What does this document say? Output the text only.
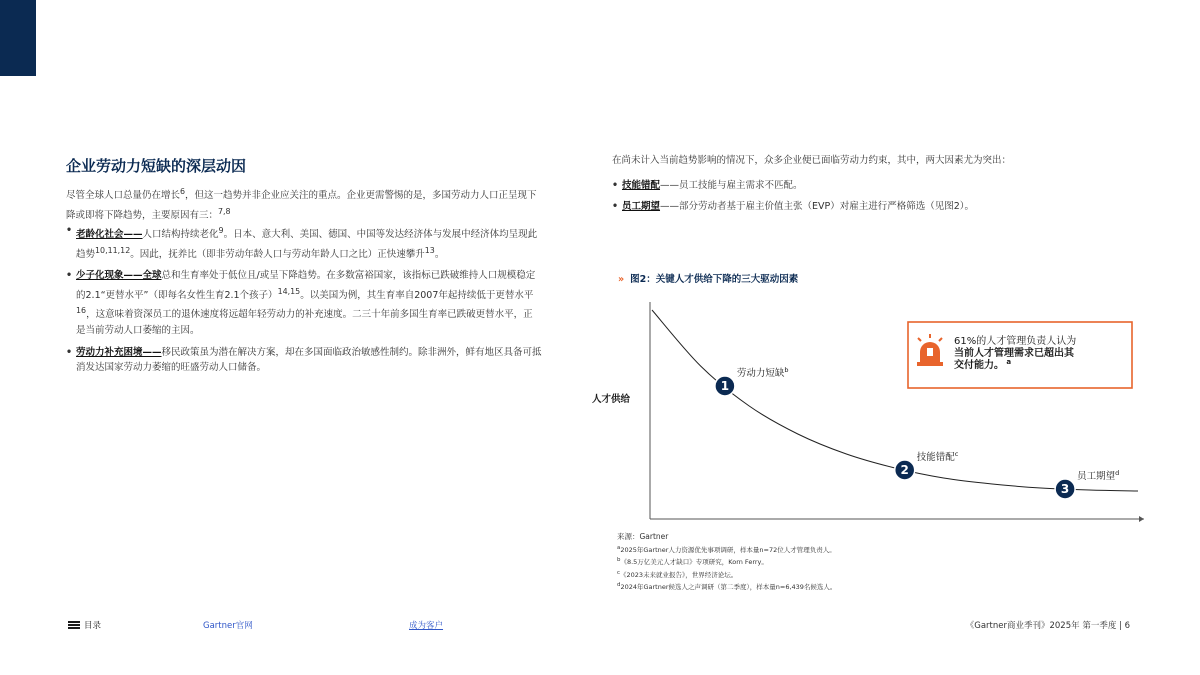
企业劳动力短缺的深层动因

尽管全球人口总量仍在增长$^6$，但这一趋势并非企业应关注的重点。企业更需警惕的是，多国劳动力人口正呈现下降或即将下降趋势，主要原因有三：$^{7,8}$

• 老龄化社会——人口结构持续老化$^9$。日本、意大利、美国、德国、中国等发达经济体与发展中经济体均呈现此趋势$^{10,11,12}$。因此，抚养比（即非劳动年龄人口与劳动年龄人口之比）正快速攀升$^{13}$。
• 少子化现象——全球总和生育率处于低位且/或呈下降趋势。在多数富裕国家，该指标已跌破维持人口规模稳定的2.1“更替水平”（即每名女性生育2.1个孩子）$^{14,15}$。以美国为例，其生育率自2007年起持续低于更替水平$^{16}$，这意味着资深员工的退休速度将远超年轻劳动力的补充速度。二三十年前多国生育率已跌破更替水平，正是当前劳动人口萎缩的主因。
• 劳动力补充困境——移民政策虽为潜在解决方案，却在多国面临政治敏感性制约。除非洲外，鲜有地区具备可抵消发达国家劳动力萎缩的旺盛劳动人口储备。

在尚未计入当前趋势影响的情况下，众多企业便已面临劳动力约束，其中，两大因素尤为突出：

• 技能错配——员工技能与雇主需求不匹配。
• 员工期望——部分劳动者基于雇主价值主张（EVP）对雇主进行严格筛选（见图2）。
» 图2：关键人才供给下降的三大驱动因素
人才供给
1
劳动力短缺$^b$
2
技能错配$^c$
3
员工期望$^d$
61%的人才管理负责人认为
当前人才管理需求已超出其
交付能力。 $^a$
来源：Gartner
$^a$2025年Gartner人力资源优先事项调研，样本量n=72位人才管理负责人。
$^b$《8.5万亿美元人才缺口》专项研究，Korn Ferry。
$^c$《2023未来就业报告》，世界经济论坛。
$^d$2024年Gartner候选人之声调研（第二季度），样本量n=6,439名候选人。
目录	Gartner官网	成为客户	《Gartner商业季刊》2025年 第一季度 | 6
